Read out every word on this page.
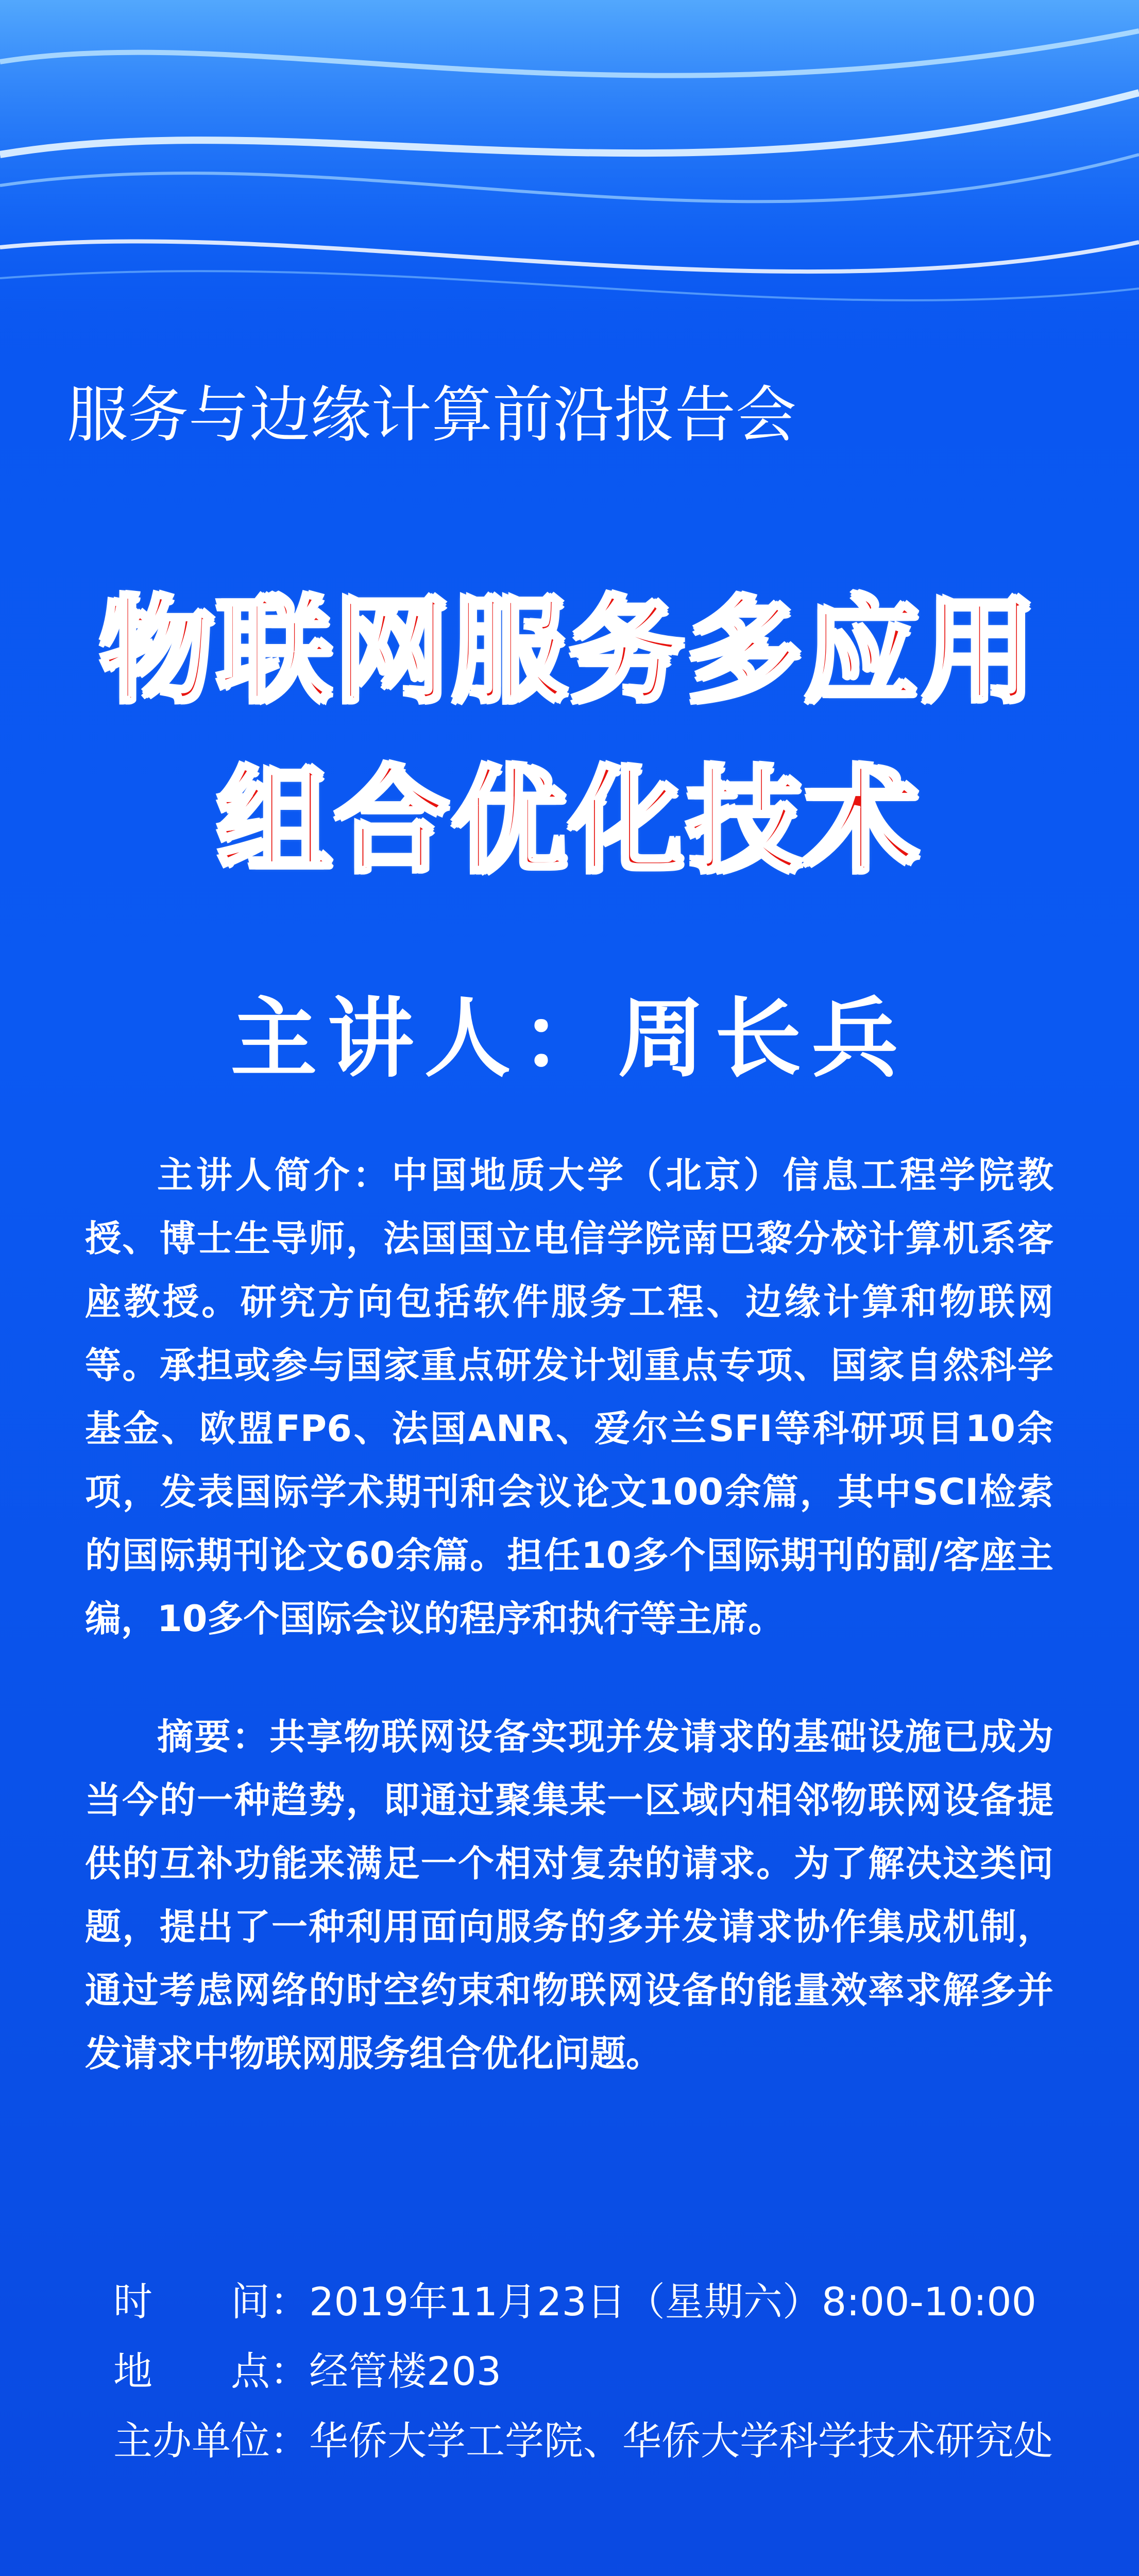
服务与边缘计算前沿报告会
物联网服务多应用
组合优化技术
主讲人：周长兵
主讲人简介：中国地质大学（北京）信息工程学院教授、博士生导师，法国国立电信学院南巴黎分校计算机系客座教授。研究方向包括软件服务工程、边缘计算和物联网等。承担或参与国家重点研发计划重点专项、国家自然科学基金、欧盟FP6、法国ANR、爱尔兰SFI等科研项目10余项，发表国际学术期刊和会议论文100余篇，其中SCI检索的国际期刊论文60余篇。担任10多个国际期刊的副/客座主编，10多个国际会议的程序和执行等主席。
摘要：共享物联网设备实现并发请求的基础设施已成为当今的一种趋势，即通过聚集某一区域内相邻物联网设备提供的互补功能来满足一个相对复杂的请求。为了解决这类问题，提出了一种利用面向服务的多并发请求协作集成机制，通过考虑网络的时空约束和物联网设备的能量效率求解多并发请求中物联网服务组合优化问题。
时　　间 ： 2019年11月23日（星期六）8:00-10:00
地　　点 ： 经管楼203
主办单位 ： 华侨大学工学院、华侨大学科学技术研究处
